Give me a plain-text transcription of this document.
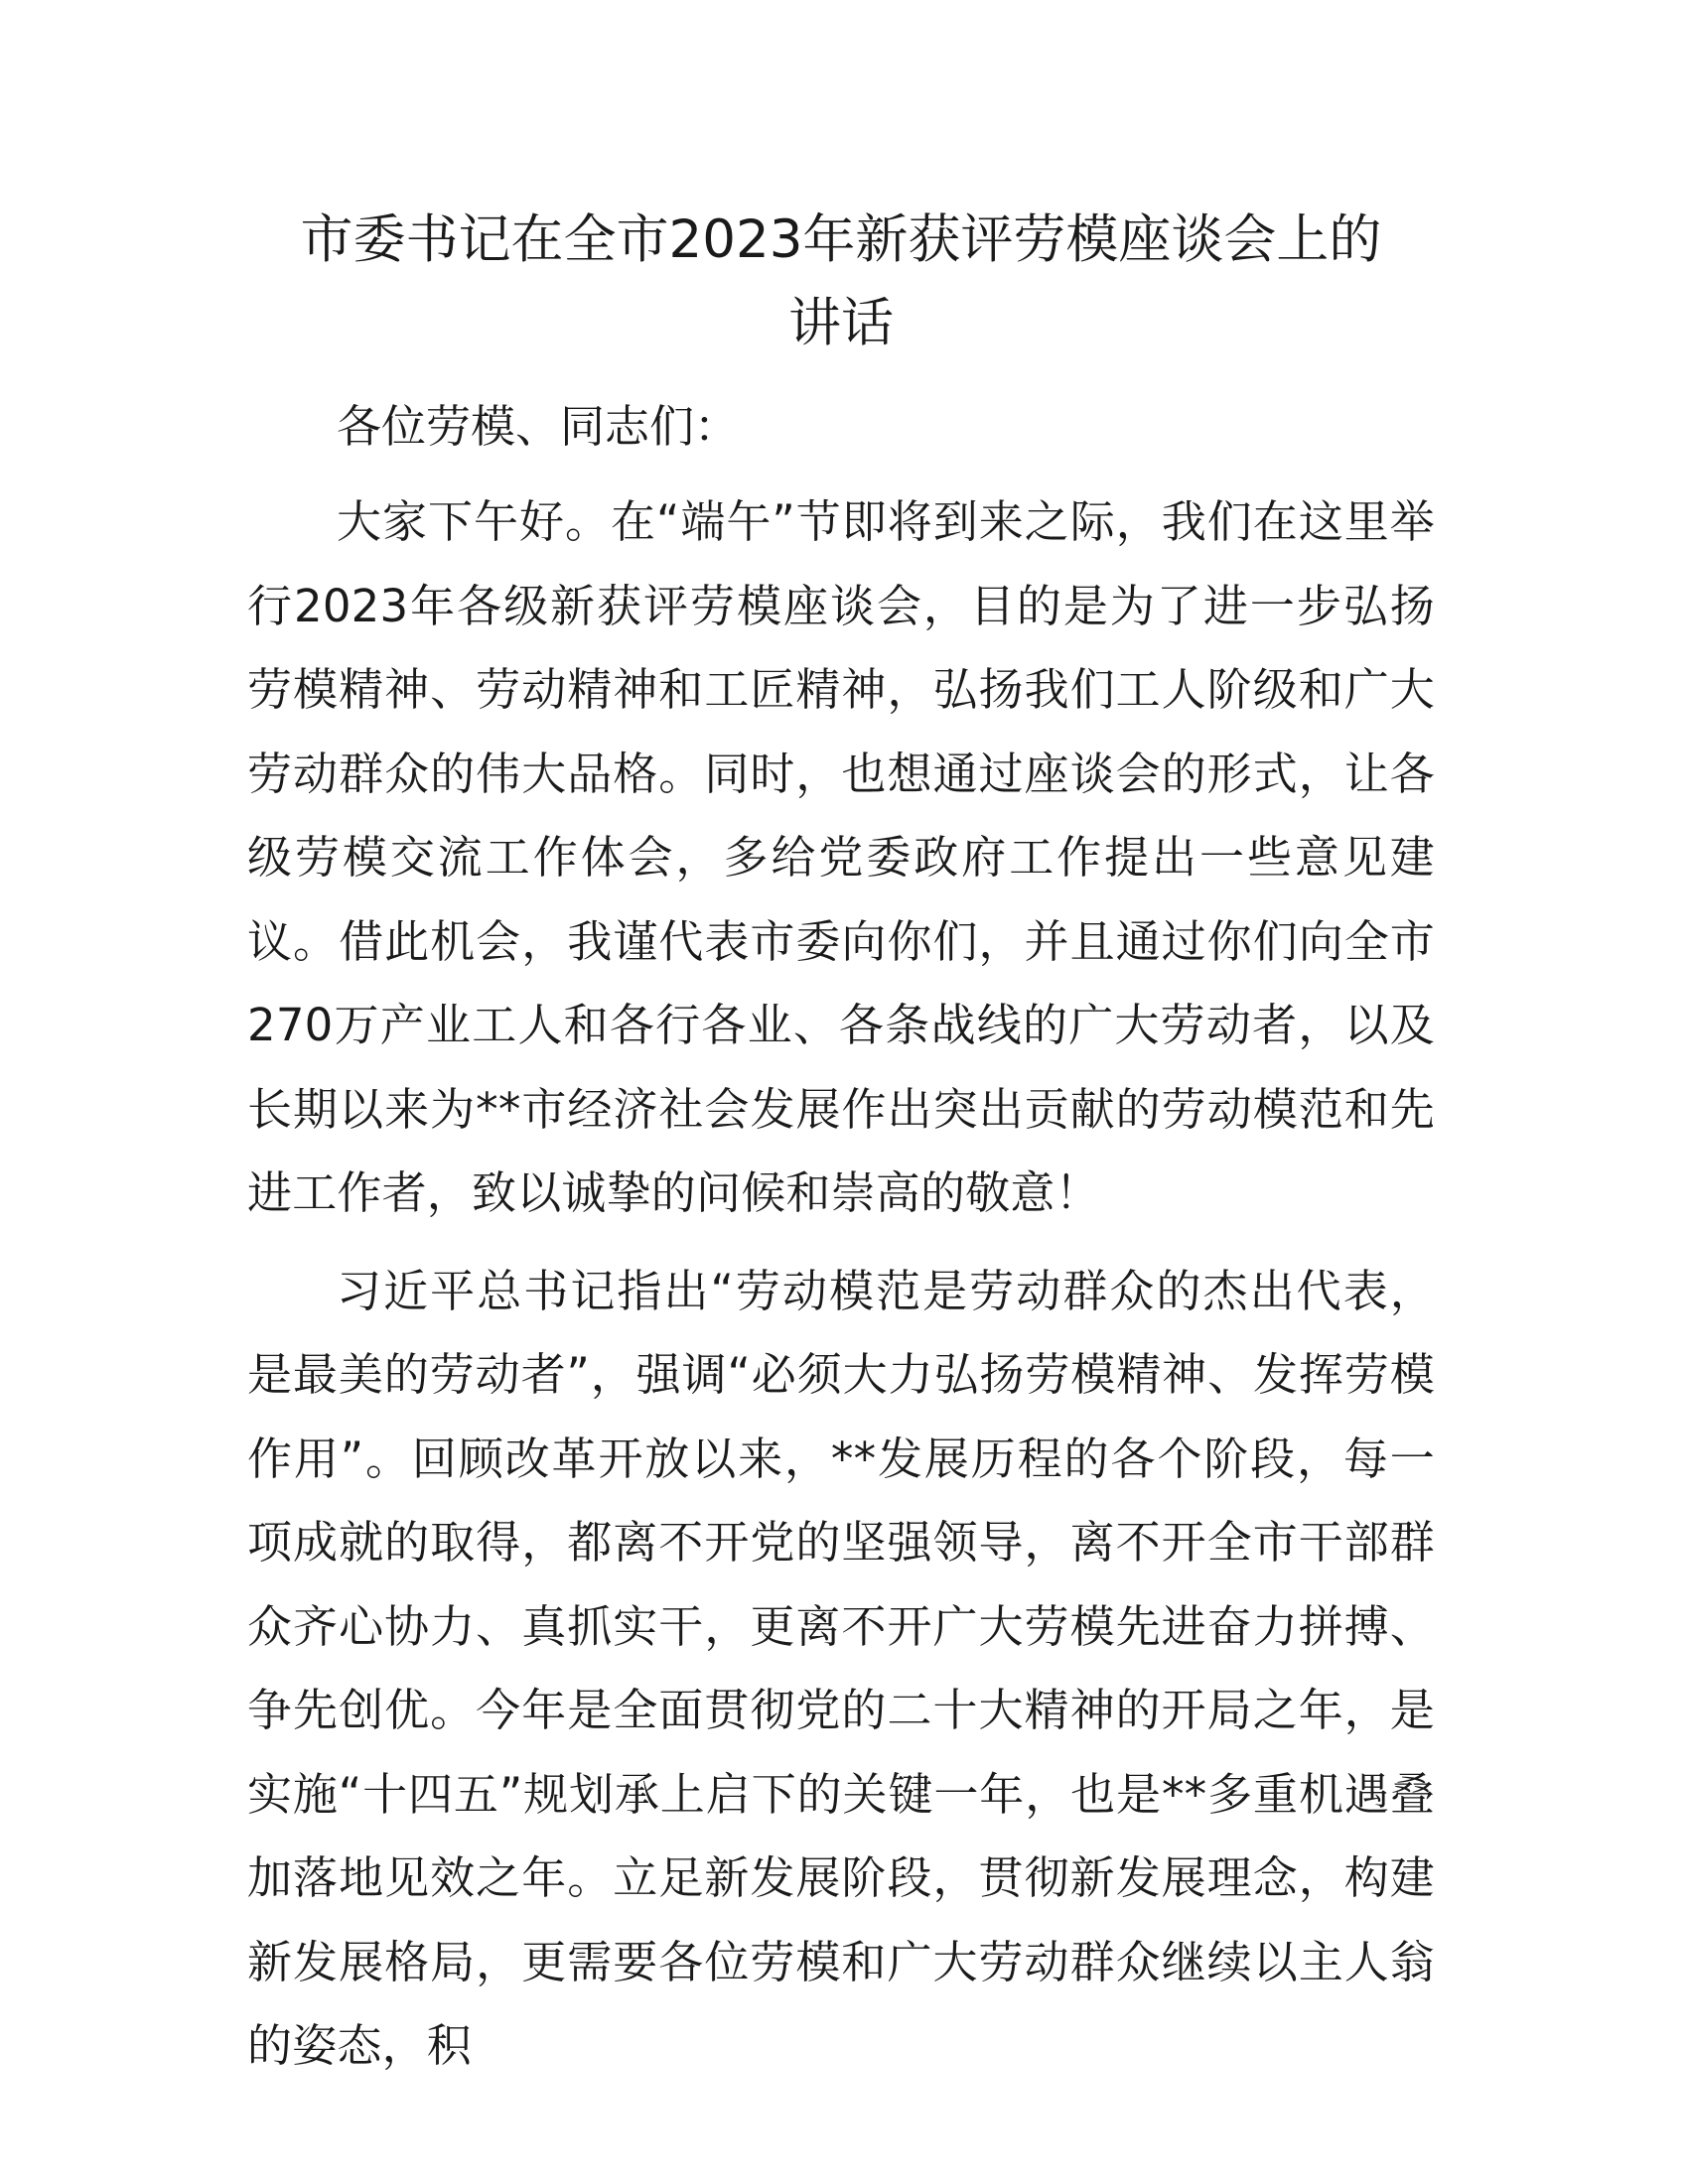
市委书记在全市2023年新获评劳模座谈会上的
讲话

各位劳模、同志们：

大家下午好。在“端午”节即将到来之际，我们在这里举行2023年各级新获评劳模座谈会，目的是为了进一步弘扬劳模精神、劳动精神和工匠精神，弘扬我们工人阶级和广大劳动群众的伟大品格。同时，也想通过座谈会的形式，让各级劳模交流工作体会，多给党委政府工作提出一些意见建议。借此机会，我谨代表市委向你们，并且通过你们向全市270万产业工人和各行各业、各条战线的广大劳动者，以及长期以来为**市经济社会发展作出突出贡献的劳动模范和先进工作者，致以诚挚的问候和崇高的敬意！

习近平总书记指出“劳动模范是劳动群众的杰出代表，是最美的劳动者”，强调“必须大力弘扬劳模精神、发挥劳模作用”。回顾改革开放以来，**发展历程的各个阶段，每一项成就的取得，都离不开党的坚强领导，离不开全市干部群众齐心协力、真抓实干，更离不开广大劳模先进奋力拼搏、争先创优。今年是全面贯彻党的二十大精神的开局之年，是实施“十四五”规划承上启下的关键一年，也是**多重机遇叠加落地见效之年。立足新发展阶段，贯彻新发展理念，构建新发展格局，更需要各位劳模和广大劳动群众继续以主人翁的姿态，积
